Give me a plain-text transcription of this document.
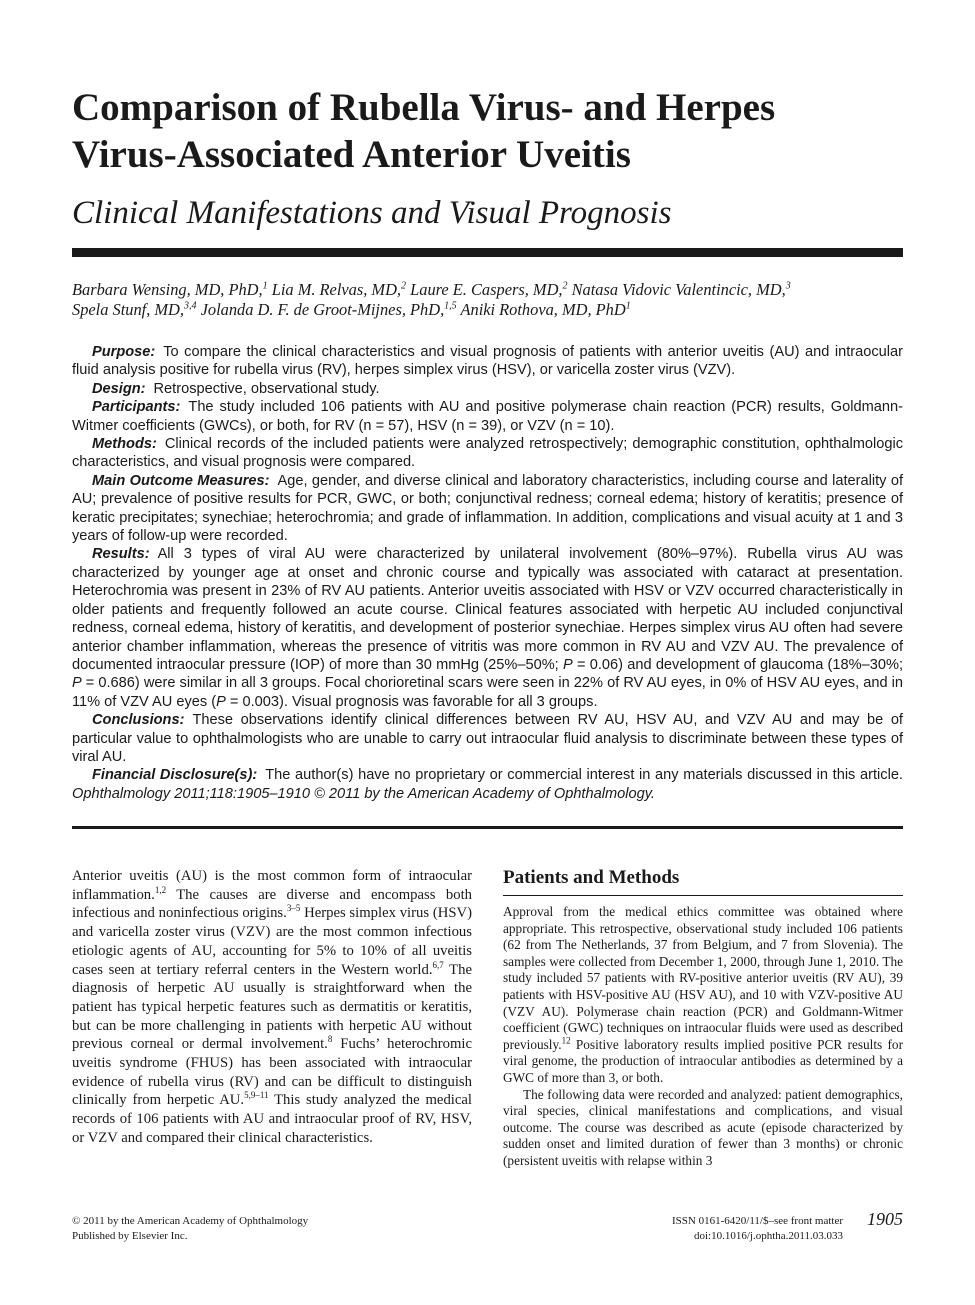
Comparison of Rubella Virus- and Herpes
Virus-Associated Anterior Uveitis
Clinical Manifestations and Visual Prognosis
Barbara Wensing, MD, PhD,$^1$ Lia M. Relvas, MD,$^2$ Laure E. Caspers, MD,$^2$ Natasa Vidovic Valentincic, MD,$^3$
Spela Stunf, MD,$^{3,4}$ Jolanda D. F. de Groot-Mijnes, PhD,$^{1,5}$ Aniki Rothova, MD, PhD$^1$

Purpose: To compare the clinical characteristics and visual prognosis of patients with anterior uveitis (AU) and intraocular fluid analysis positive for rubella virus (RV), herpes simplex virus (HSV), or varicella zoster virus (VZV).

Design: Retrospective, observational study.

Participants: The study included 106 patients with AU and positive polymerase chain reaction (PCR) results, Goldmann-Witmer coefficients (GWCs), or both, for RV (n = 57), HSV (n = 39), or VZV (n = 10).

Methods: Clinical records of the included patients were analyzed retrospectively; demographic constitution, ophthalmologic characteristics, and visual prognosis were compared.

Main Outcome Measures: Age, gender, and diverse clinical and laboratory characteristics, including course and laterality of AU; prevalence of positive results for PCR, GWC, or both; conjunctival redness; corneal edema; history of keratitis; presence of keratic precipitates; synechiae; heterochromia; and grade of inflammation. In addition, complications and visual acuity at 1 and 3 years of follow-up were recorded.

Results: All 3 types of viral AU were characterized by unilateral involvement (80%–97%). Rubella virus AU was characterized by younger age at onset and chronic course and typically was associated with cataract at presentation. Heterochromia was present in 23% of RV AU patients. Anterior uveitis associated with HSV or VZV occurred characteristically in older patients and frequently followed an acute course. Clinical features associated with herpetic AU included conjunctival redness, corneal edema, history of keratitis, and development of posterior synechiae. Herpes simplex virus AU often had severe anterior chamber inflammation, whereas the presence of vitritis was more common in RV AU and VZV AU. The prevalence of documented intraocular pressure (IOP) of more than 30 mmHg (25%–50%; P = 0.06) and development of glaucoma (18%–30%; P = 0.686) were similar in all 3 groups. Focal chorioretinal scars were seen in 22% of RV AU eyes, in 0% of HSV AU eyes, and in 11% of VZV AU eyes (P = 0.003). Visual prognosis was favorable for all 3 groups.

Conclusions: These observations identify clinical differences between RV AU, HSV AU, and VZV AU and may be of particular value to ophthalmologists who are unable to carry out intraocular fluid analysis to discriminate between these types of viral AU.

Financial Disclosure(s): The author(s) have no proprietary or commercial interest in any materials discussed in this article. Ophthalmology 2011;118:1905–1910 © 2011 by the American Academy of Ophthalmology.

Anterior uveitis (AU) is the most common form of intraocular inflammation.$^{1,2}$ The causes are diverse and encompass both infectious and noninfectious origins.$^{3-5}$ Herpes simplex virus (HSV) and varicella zoster virus (VZV) are the most common infectious etiologic agents of AU, accounting for 5% to 10% of all uveitis cases seen at tertiary referral centers in the Western world.$^{6,7}$ The diagnosis of herpetic AU usually is straightforward when the patient has typical herpetic features such as dermatitis or keratitis, but can be more challenging in patients with herpetic AU without previous corneal or dermal involvement.$^8$ Fuchs’ heterochromic uveitis syndrome (FHUS) has been associated with intraocular evidence of rubella virus (RV) and can be difficult to distinguish clinically from herpetic AU.$^{5,9-11}$ This study analyzed the medical records of 106 patients with AU and intraocular proof of RV, HSV, or VZV and compared their clinical characteristics.

Patients and Methods

Approval from the medical ethics committee was obtained where appropriate. This retrospective, observational study included 106 patients (62 from The Netherlands, 37 from Belgium, and 7 from Slovenia). The samples were collected from December 1, 2000, through June 1, 2010. The study included 57 patients with RV-positive anterior uveitis (RV AU), 39 patients with HSV-positive AU (HSV AU), and 10 with VZV-positive AU (VZV AU). Polymerase chain reaction (PCR) and Goldmann-Witmer coefficient (GWC) techniques on intraocular fluids were used as described previously.$^{12}$ Positive laboratory results implied positive PCR results for viral genome, the production of intraocular antibodies as determined by a GWC of more than 3, or both.

The following data were recorded and analyzed: patient demographics, viral species, clinical manifestations and complications, and visual outcome. The course was described as acute (episode characterized by sudden onset and limited duration of fewer than 3 months) or chronic (persistent uveitis with relapse within 3

© 2011 by the American Academy of Ophthalmology
Published by Elsevier Inc.
ISSN 0161-6420/11/$–see front matter
doi:10.1016/j.ophtha.2011.03.033
1905
